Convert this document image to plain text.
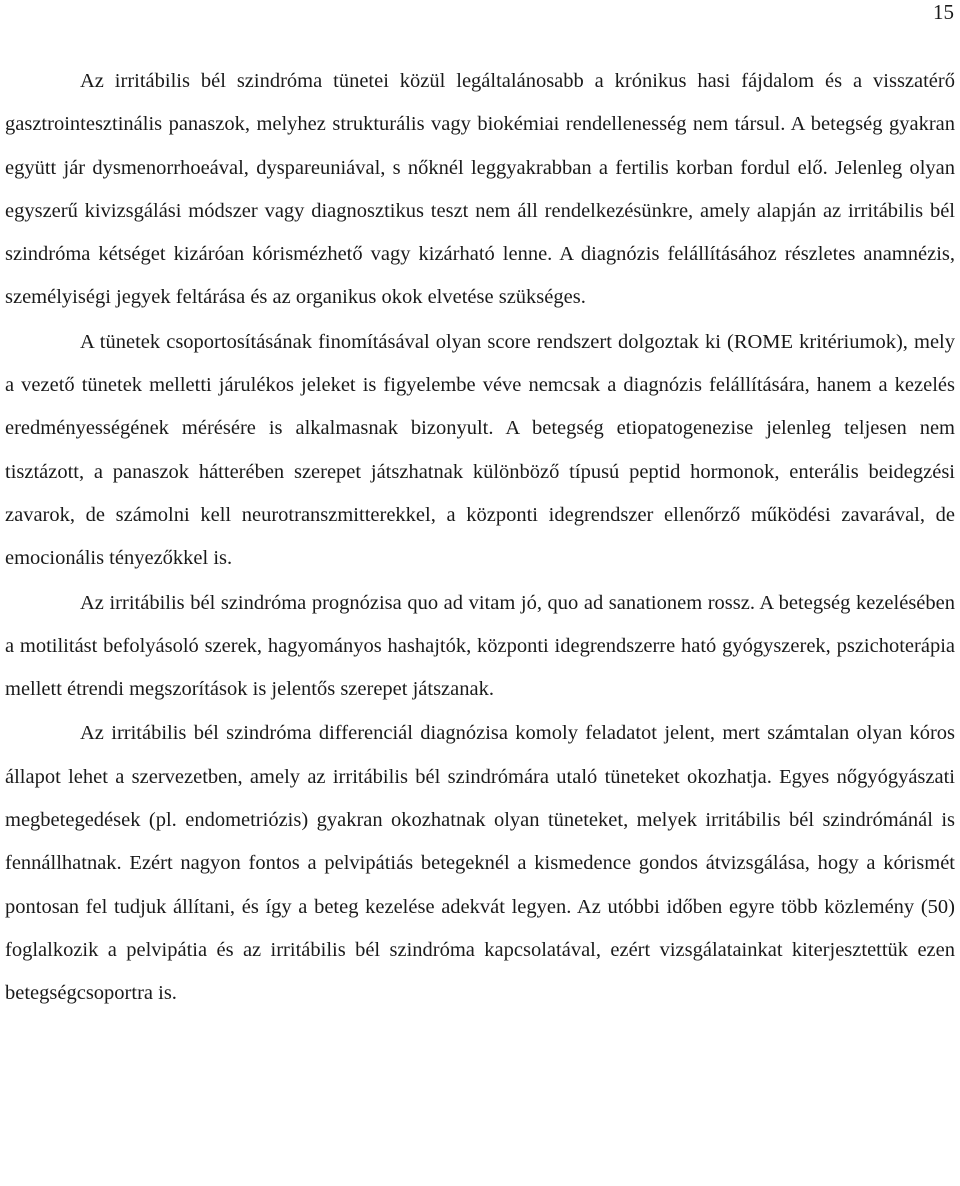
15

Az irritábilis bél szindróma tünetei közül legáltalánosabb a krónikus hasi fájdalom és a visszatérő gasztrointesztinális panaszok, melyhez strukturális vagy biokémiai rendellenesség nem társul. A betegség gyakran együtt jár dysmenorrhoeával, dyspareuniával, s nőknél leggyakrabban a fertilis korban fordul elő. Jelenleg olyan egyszerű kivizsgálási módszer vagy diagnosztikus teszt nem áll rendelkezésünkre, amely alapján az irritábilis bél szindróma kétséget kizáróan kórismézhető vagy kizárható lenne. A diagnózis felállításához részletes anamnézis, személyiségi jegyek feltárása és az organikus okok elvetése szükséges.

A tünetek csoportosításának finomításával olyan score rendszert dolgoztak ki (ROME kritériumok), mely a vezető tünetek melletti járulékos jeleket is figyelembe véve nemcsak a diagnózis felállítására, hanem a kezelés eredményességének mérésére is alkalmasnak bizonyult. A betegség etiopatogenezise jelenleg teljesen nem tisztázott, a panaszok hátterében szerepet játszhatnak különböző típusú peptid hormonok, enterális beidegzési zavarok, de számolni kell neurotranszmitterekkel, a központi idegrendszer ellenőrző működési zavarával, de emocionális tényezőkkel is.

Az irritábilis bél szindróma prognózisa quo ad vitam jó, quo ad sanationem rossz. A betegség kezelésében a motilitást befolyásoló szerek, hagyományos hashajtók, központi idegrendszerre ható gyógyszerek, pszichoterápia mellett étrendi megszorítások is jelentős szerepet játszanak.

Az irritábilis bél szindróma differenciál diagnózisa komoly feladatot jelent, mert számtalan olyan kóros állapot lehet a szervezetben, amely az irritábilis bél szindrómára utaló tüneteket okozhatja. Egyes nőgyógyászati megbetegedések (pl. endometriózis) gyakran okozhatnak olyan tüneteket, melyek irritábilis bél szindrómánál is fennállhatnak. Ezért nagyon fontos a pelvipátiás betegeknél a kismedence gondos átvizsgálása, hogy a kórismét pontosan fel tudjuk állítani, és így a beteg kezelése adekvát legyen. Az utóbbi időben egyre több közlemény (50) foglalkozik a pelvipátia és az irritábilis bél szindróma kapcsolatával, ezért vizsgálatainkat kiterjesztettük ezen betegségcsoportra is.
